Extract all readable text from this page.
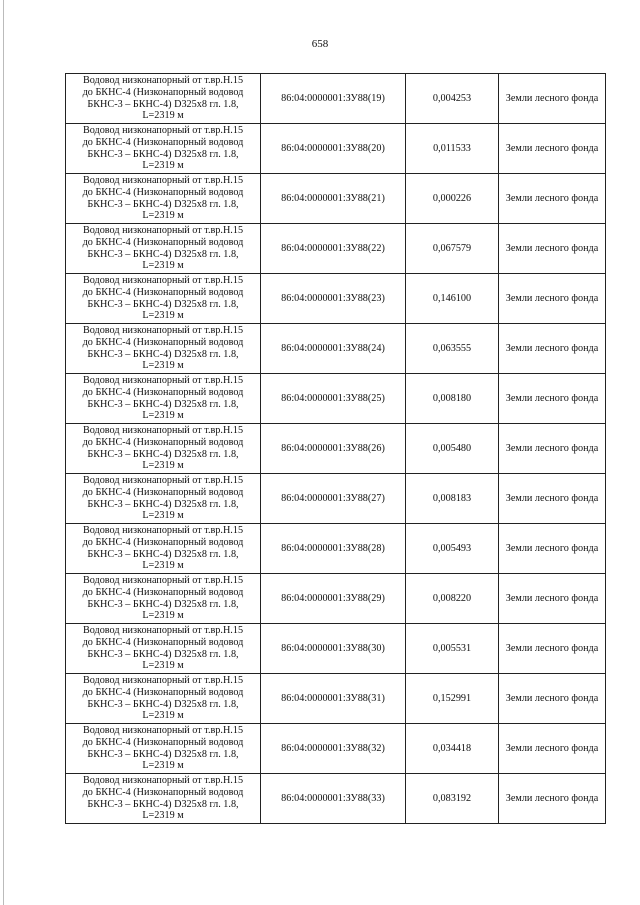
658
Водовод низконапорный от т.вр.Н.15
до БКНС-4 (Низконапорный водовод
БКНС-3 – БКНС-4) D325x8 гл. 1.8,
L=2319 м	86:04:0000001:ЗУ88(19)	0,004253	Земли лесного фонда

Водовод низконапорный от т.вр.Н.15
до БКНС-4 (Низконапорный водовод
БКНС-3 – БКНС-4) D325x8 гл. 1.8,
L=2319 м	86:04:0000001:ЗУ88(20)	0,011533	Земли лесного фонда

Водовод низконапорный от т.вр.Н.15
до БКНС-4 (Низконапорный водовод
БКНС-3 – БКНС-4) D325x8 гл. 1.8,
L=2319 м	86:04:0000001:ЗУ88(21)	0,000226	Земли лесного фонда

Водовод низконапорный от т.вр.Н.15
до БКНС-4 (Низконапорный водовод
БКНС-3 – БКНС-4) D325x8 гл. 1.8,
L=2319 м	86:04:0000001:ЗУ88(22)	0,067579	Земли лесного фонда

Водовод низконапорный от т.вр.Н.15
до БКНС-4 (Низконапорный водовод
БКНС-3 – БКНС-4) D325x8 гл. 1.8,
L=2319 м	86:04:0000001:ЗУ88(23)	0,146100	Земли лесного фонда

Водовод низконапорный от т.вр.Н.15
до БКНС-4 (Низконапорный водовод
БКНС-3 – БКНС-4) D325x8 гл. 1.8,
L=2319 м	86:04:0000001:ЗУ88(24)	0,063555	Земли лесного фонда

Водовод низконапорный от т.вр.Н.15
до БКНС-4 (Низконапорный водовод
БКНС-3 – БКНС-4) D325x8 гл. 1.8,
L=2319 м	86:04:0000001:ЗУ88(25)	0,008180	Земли лесного фонда

Водовод низконапорный от т.вр.Н.15
до БКНС-4 (Низконапорный водовод
БКНС-3 – БКНС-4) D325x8 гл. 1.8,
L=2319 м	86:04:0000001:ЗУ88(26)	0,005480	Земли лесного фонда

Водовод низконапорный от т.вр.Н.15
до БКНС-4 (Низконапорный водовод
БКНС-3 – БКНС-4) D325x8 гл. 1.8,
L=2319 м	86:04:0000001:ЗУ88(27)	0,008183	Земли лесного фонда

Водовод низконапорный от т.вр.Н.15
до БКНС-4 (Низконапорный водовод
БКНС-3 – БКНС-4) D325x8 гл. 1.8,
L=2319 м	86:04:0000001:ЗУ88(28)	0,005493	Земли лесного фонда

Водовод низконапорный от т.вр.Н.15
до БКНС-4 (Низконапорный водовод
БКНС-3 – БКНС-4) D325x8 гл. 1.8,
L=2319 м	86:04:0000001:ЗУ88(29)	0,008220	Земли лесного фонда

Водовод низконапорный от т.вр.Н.15
до БКНС-4 (Низконапорный водовод
БКНС-3 – БКНС-4) D325x8 гл. 1.8,
L=2319 м	86:04:0000001:ЗУ88(30)	0,005531	Земли лесного фонда

Водовод низконапорный от т.вр.Н.15
до БКНС-4 (Низконапорный водовод
БКНС-3 – БКНС-4) D325x8 гл. 1.8,
L=2319 м	86:04:0000001:ЗУ88(31)	0,152991	Земли лесного фонда

Водовод низконапорный от т.вр.Н.15
до БКНС-4 (Низконапорный водовод
БКНС-3 – БКНС-4) D325x8 гл. 1.8,
L=2319 м	86:04:0000001:ЗУ88(32)	0,034418	Земли лесного фонда

Водовод низконапорный от т.вр.Н.15
до БКНС-4 (Низконапорный водовод
БКНС-3 – БКНС-4) D325x8 гл. 1.8,
L=2319 м	86:04:0000001:ЗУ88(33)	0,083192	Земли лесного фонда
